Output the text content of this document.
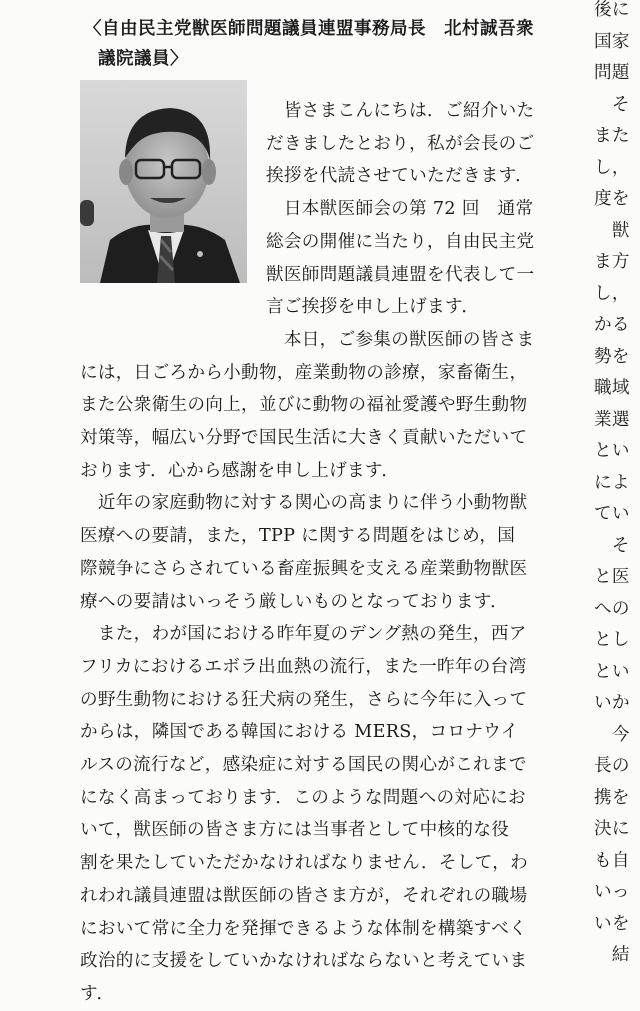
〈自由民主党獣医師問題議員連盟事務局長　北村誠吾衆
議院議員〉
　皆さまこんにちは．ご紹介いた
だきましたとおり，私が会長のご
挨拶を代読させていただきます．
　日本獣医師会の第 72 回　通常
総会の開催に当たり，自由民主党
獣医師問題議員連盟を代表して一
言ご挨拶を申し上げます．
　本日，ご参集の獣医師の皆さま
には，日ごろから小動物，産業動物の診療，家畜衛生，
また公衆衛生の向上，並びに動物の福祉愛護や野生動物
対策等，幅広い分野で国民生活に大きく貢献いただいて
おります．心から感謝を申し上げます．
　近年の家庭動物に対する関心の高まりに伴う小動物獣
医療への要請，また，TPP に関する問題をはじめ，国
際競争にさらされている畜産振興を支える産業動物獣医
療への要請はいっそう厳しいものとなっております．
　また，わが国における昨年夏のデング熱の発生，西ア
フリカにおけるエボラ出血熱の流行，また一昨年の台湾
の野生動物における狂犬病の発生，さらに今年に入って
からは，隣国である韓国における MERS，コロナウイ
ルスの流行など，感染症に対する国民の関心がこれまで
になく高まっております．このような問題への対応にお
いて，獣医師の皆さま方には当事者として中核的な役
割を果たしていただかなければなりません．そして，わ
れわれ議員連盟は獣医師の皆さま方が，それぞれの職場
において常に全力を発揮できるような体制を構築すべく
政治的に支援をしていかなければならないと考えていま
す．
後に
国家
問題
　そ
また
し，
度を
　獣
ま方
し，
かる
勢を
職域
業選
とい
によ
てい
　そ
と医
への
とし
とい
いか
　今
長の
携を
決に
も自
いっ
いを
　結
